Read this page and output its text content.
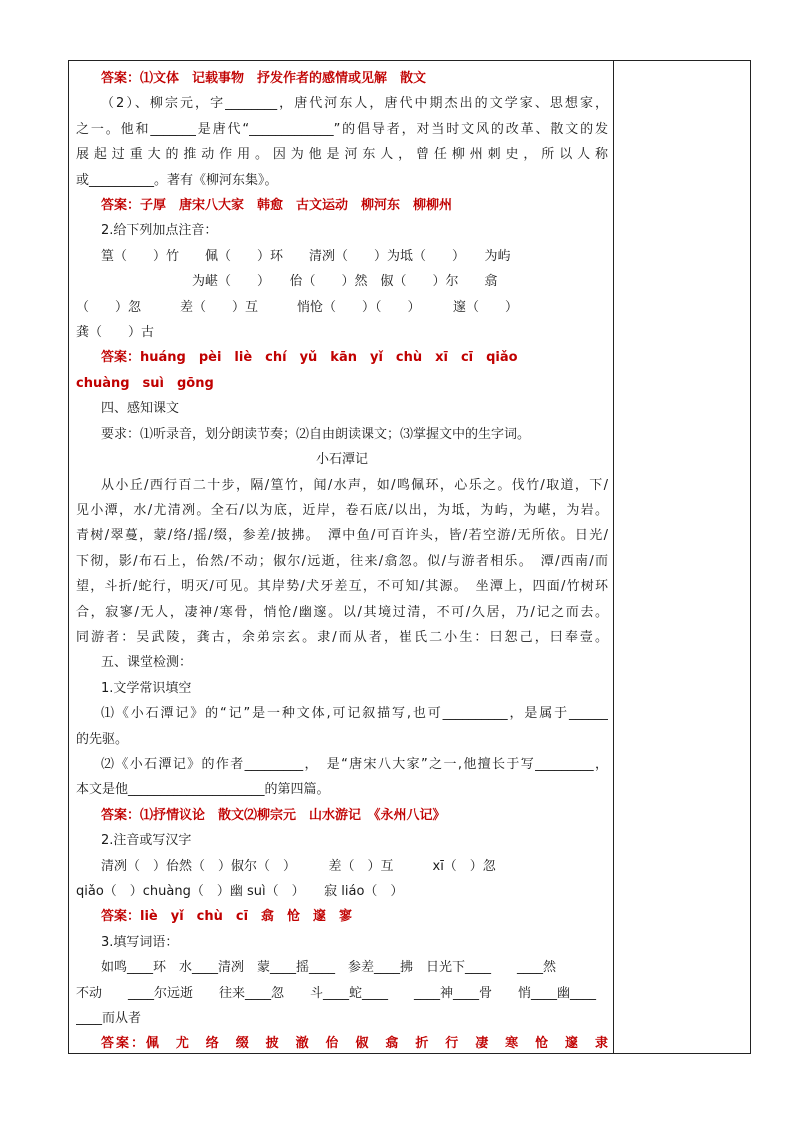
答案：⑴文体　记载事物　抒发作者的感情或见解　散文
（2）、柳宗元，字________，唐代河东人，唐代中期杰出的文学家、思想家，
之一。他和_______是唐代“_____________”的倡导者，对当时文风的改革、散文的发
展起过重大的推动作用。因为他是河东人，曾任柳州刺史，所以人称
或__________。著有《柳河东集》。
答案：子厚　唐宋八大家　韩愈　古文运动　柳河东　柳柳州
2.给下列加点注音：
篁（　　）竹　　佩（　　）环　　清冽（　　）为坻（　　）　　为屿
　　　　　　　为嵁（　　）　　佁（　　）然　俶（　　）尔　　翕
（　　）忽　　　差（　　）互　　　悄怆（　　）（　　）　　　邃（　　）
龚（　　）古
答案：huáng　pèi　liè　chí　yǔ　kān　yǐ　chù　xī　cī　qiǎo
chuàng　suì　gōng
四、感知课文
要求：⑴听录音，划分朗读节奏；⑵自由朗读课文；⑶掌握文中的生字词。
小石潭记
从小丘/西行百二十步，隔/篁竹，闻/水声，如/鸣佩环，心乐之。伐竹/取道，下/
见小潭，水/尤清冽。全石/以为底，近岸，卷石底/以出，为坻，为屿，为嵁，为岩。
青树/翠蔓，蒙/络/摇/缀，参差/披拂。　潭中鱼/可百许头，皆/若空游/无所依。日光/
下彻，影/布石上，佁然/不动；俶尔/远逝，往来/翕忽。似/与游者相乐。　潭/西南/而
望，斗折/蛇行，明灭/可见。其岸势/犬牙差互，不可知/其源。　坐潭上，四面/竹树环
合，寂寥/无人，凄神/寒骨，悄怆/幽邃。以/其境过清，不可/久居，乃/记之而去。
同游者：吴武陵，龚古，余弟宗玄。隶/而从者，崔氏二小生：曰恕己，曰奉壹。
五、课堂检测：
1.文学常识填空
⑴《小石潭记》的“记”是一种文体,可记叙描写,也可__________，是属于______
的先驱。
⑵《小石潭记》的作者_________，　是“唐宋八大家”之一,他擅长于写_________，
本文是他_____________________的第四篇。
答案：⑴抒情议论　散文⑵柳宗元　山水游记　《永州八记》
2.注音或写汉字
清冽（　）佁然（　）俶尔（　）　　　差（　）互　　　xī（　）忽
qiǎo（　）chuàng（　）幽 suì（　）　　寂 liáo（　）
答案：liè　yǐ　chù　cī　翕　怆　邃　寥
3.填写词语：
如鸣____环　水____清冽　蒙____摇____　参差____拂　日光下____　　____然
不动　　____尔远逝　　往来____忽　　斗____蛇____　　____神____骨　　悄____幽____
____而从者
答案：佩　尤　络　缀　披　澈　佁　俶　翕　折　行　凄　寒　怆　邃　隶
